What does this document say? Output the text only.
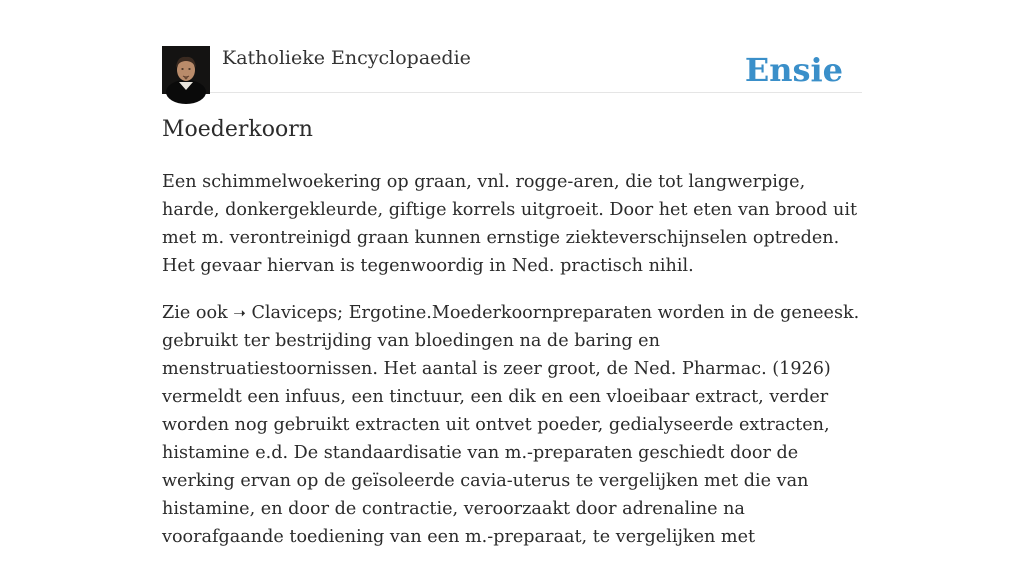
Katholieke Encyclopaedie	Ensie
Moederkoorn

Een schimmelwoekering op graan, vnl. rogge-aren, die tot langwerpige, harde, donkergekleurde, giftige korrels uitgroeit. Door het eten van brood uit met m. verontreinigd graan kunnen ernstige ziekteverschijnselen optreden. Het gevaar hiervan is tegenwoordig in Ned. practisch nihil.

Zie ook ➝ Claviceps; Ergotine.Moederkoornpreparaten worden in de geneesk. gebruikt ter bestrijding van bloedingen na de baring en menstruatiestoornissen. Het aantal is zeer groot, de Ned. Pharmac. (1926) vermeldt een infuus, een tinctuur, een dik en een vloeibaar extract, verder worden nog gebruikt extracten uit ontvet poeder, gedialyseerde extracten, histamine e.d. De standaardisatie van m.-preparaten geschiedt door de werking ervan op de geïsoleerde cavia-uterus te vergelijken met die van histamine, en door de contractie, veroorzaakt door adrenaline na voorafgaande toediening van een m.-preparaat, te vergelijken met
